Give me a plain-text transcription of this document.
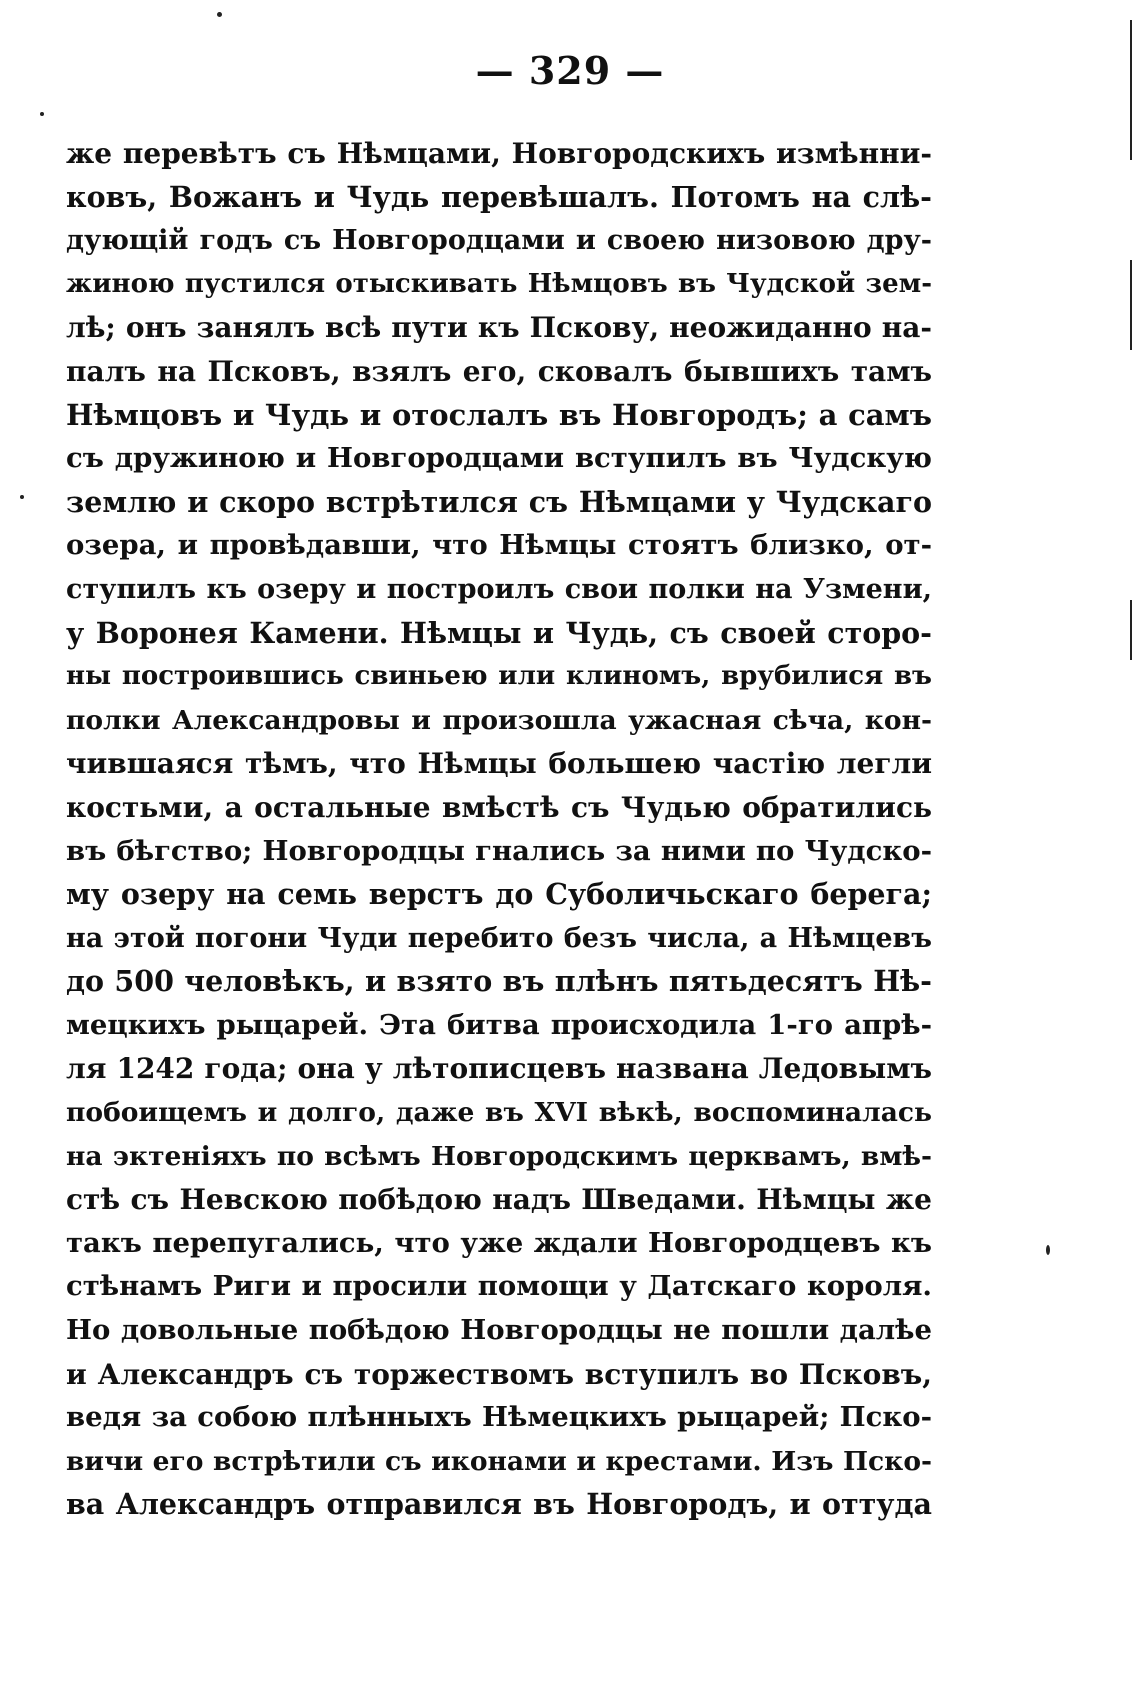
— 329 —
же перевѣтъ съ Нѣмцами, Новгородскихъ измѣнни-
ковъ, Вожанъ и Чудь перевѣшалъ. Потомъ на слѣ-
дующій годъ съ Новгородцами и своею низовою дру-
жиною пустился отыскивать Нѣмцовъ въ Чудской зем-
лѣ; онъ занялъ всѣ пути къ Пскову, неожиданно на-
палъ на Псковъ, взялъ его, сковалъ бывшихъ тамъ
Нѣмцовъ и Чудь и отослалъ въ Новгородъ; а самъ
съ дружиною и Новгородцами вступилъ въ Чудскую
землю и скоро встрѣтился съ Нѣмцами у Чудскаго
озера, и провѣдавши, что Нѣмцы стоятъ близко, от-
ступилъ къ озеру и построилъ свои полки на Узмени,
у Воронея Камени. Нѣмцы и Чудь, съ своей сторо-
ны построившись свиньею или клиномъ, врубилися въ
полки Александровы и произошла ужасная сѣча, кон-
чившаяся тѣмъ, что Нѣмцы большею частію легли
костьми, а остальные вмѣстѣ съ Чудью обратились
въ бѣгство; Новгородцы гнались за ними по Чудско-
му озеру на семь верстъ до Суболичьскаго берега;
на этой погони Чуди перебито безъ числа, а Нѣмцевъ
до 500 человѣкъ, и взято въ плѣнъ пятьдесятъ Нѣ-
мецкихъ рыцарей. Эта битва происходила 1-го апрѣ-
ля 1242 года; она у лѣтописцевъ названа Ледовымъ
побоищемъ и долго, даже въ XVI вѣкѣ, воспоминалась
на эктеніяхъ по всѣмъ Новгородскимъ церквамъ, вмѣ-
стѣ съ Невскою побѣдою надъ Шведами. Нѣмцы же
такъ перепугались, что уже ждали Новгородцевъ къ
стѣнамъ Риги и просили помощи у Датскаго короля.
Но довольные побѣдою Новгородцы не пошли далѣе
и Александръ съ торжествомъ вступилъ во Псковъ,
ведя за собою плѣнныхъ Нѣмецкихъ рыцарей; Пско-
вичи его встрѣтили съ иконами и крестами. Изъ Пско-
ва Александръ отправился въ Новгородъ, и оттуда
